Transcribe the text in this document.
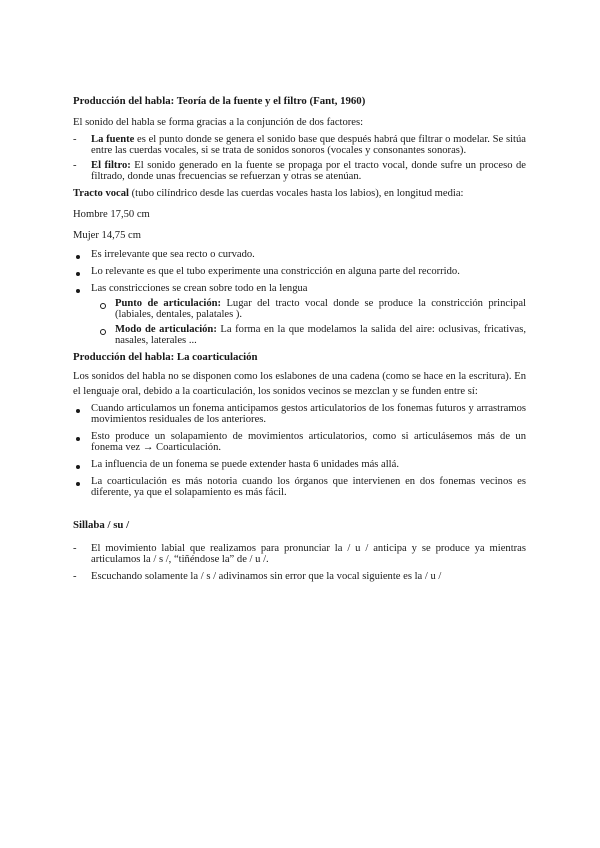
Producción del habla: Teoría de la fuente y el filtro (Fant, 1960)

El sonido del habla se forma gracias a la conjunción de dos factores:

-	La fuente es el punto donde se genera el sonido base que después habrá que filtrar o modelar. Se sitúa entre las cuerdas vocales, si se trata de sonidos sonoros (vocales y consonantes sonoras).
-	El filtro: El sonido generado en la fuente se propaga por el tracto vocal, donde sufre un proceso de filtrado, donde unas frecuencias se refuerzan y otras se atenúan.

Tracto vocal (tubo cilíndrico desde las cuerdas vocales hasta los labios), en longitud media:

Hombre 17,50 cm

Mujer 14,75 cm

Es irrelevante que sea recto o curvado.
Lo relevante es que el tubo experimente una constricción en alguna parte del recorrido.
Las constricciones se crean sobre todo en la lengua
Punto de articulación: Lugar del tracto vocal donde se produce la constricción principal (labiales, dentales, palatales ).
Modo de articulación: La forma en la que modelamos la salida del aire: oclusivas, fricativas, nasales, laterales ...
Producción del habla: La coarticulación

Los sonidos del habla no se disponen como los eslabones de una cadena (como se hace en la escritura). En el lenguaje oral, debido a la coarticulación, los sonidos vecinos se mezclan y se funden entre sí:

Cuando articulamos un fonema anticipamos gestos articulatorios de los fonemas futuros y arrastramos movimientos residuales de los anteriores.
Esto produce un solapamiento de movimientos articulatorios, como si articulásemos más de un fonema vez → Coarticulación.
La influencia de un fonema se puede extender hasta 6 unidades más allá.
La coarticulación es más notoria cuando los órganos que intervienen en dos fonemas vecinos es diferente, ya que el solapamiento es más fácil.
Sillaba / su /
-	El movimiento labial que realizamos para pronunciar la / u / anticipa y se produce ya mientras articulamos la / s /, “tiñéndose la” de / u /.
-	Escuchando solamente la / s / adivinamos sin error que la vocal siguiente es la / u /
